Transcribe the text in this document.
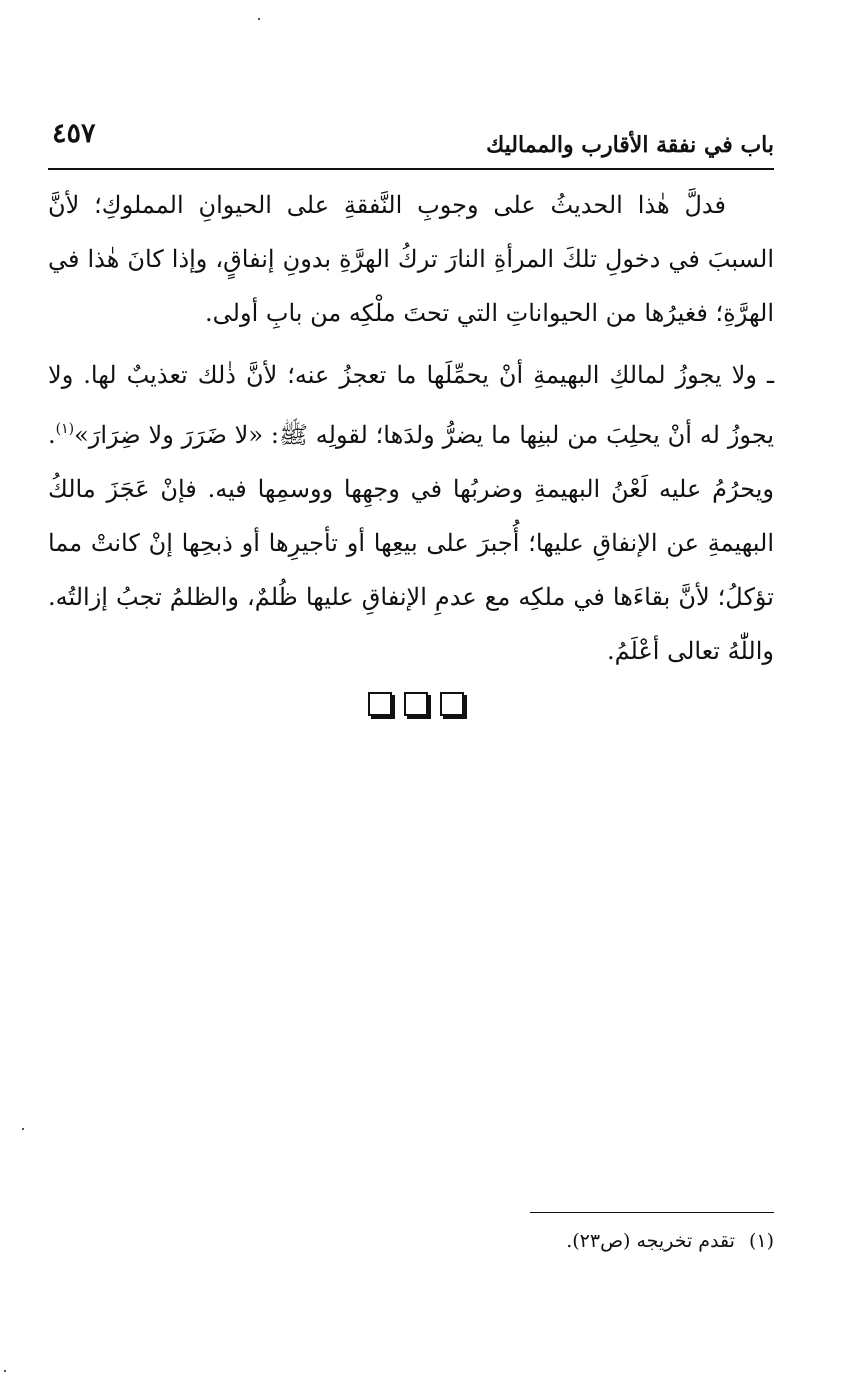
باب في نفقة الأقارب والمماليك
٤٥٧

فدلَّ هٰذا الحديثُ على وجوبِ النَّفقةِ على الحيوانِ المملوكِ؛ لأنَّ السببَ في دخولِ تلكَ المرأةِ النارَ تركُ الهرَّةِ بدونِ إنفاقٍ، وإذا كانَ هٰذا في الهرَّةِ؛ فغيرُها من الحيواناتِ التي تحتَ ملْكِه من بابِ أولى.

ـ ولا يجوزُ لمالكِ البهيمةِ أنْ يحمِّلَها ما تعجزُ عنه؛ لأنَّ ذٰلك تعذيبٌ لها. ولا يجوزُ له أنْ يحلِبَ من لبنِها ما يضرُّ ولدَها؛ لقولِه ﷺ: «لا ضَرَرَ ولا ضِرَارَ»$^{(١)}$. ويحرُمُ عليه لَعْنُ البهيمةِ وضربُها في وجهِها ووسمِها فيه. فإنْ عَجَزَ مالكُ البهيمةِ عن الإنفاقِ عليها؛ أُجبرَ على بيعِها أو تأجيرِها أو ذبحِها إنْ كانتْ مما تؤكلُ؛ لأنَّ بقاءَها في ملكِه مع عدمِ الإنفاقِ عليها ظُلمٌ، والظلمُ تجبُ إزالتُه. واللّٰهُ تعالى أعْلَمُ.

(١)تقدم تخريجه (ص٢٣).
